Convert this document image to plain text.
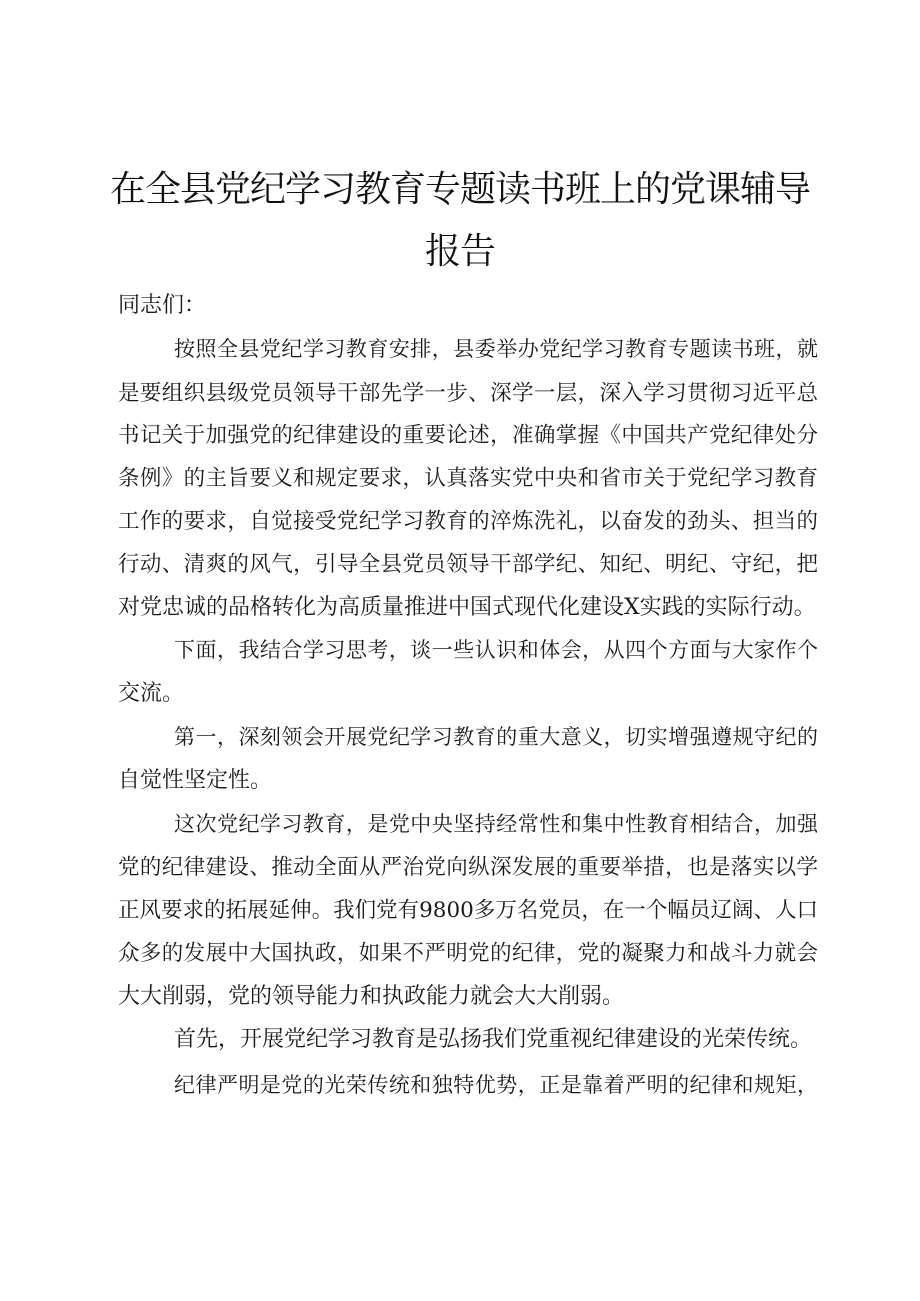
在全县党纪学习教育专题读书班上的党课辅导
报告
同志们：
按照全县党纪学习教育安排，县委举办党纪学习教育专题读书班，就
是要组织县级党员领导干部先学一步、深学一层，深入学习贯彻习近平总
书记关于加强党的纪律建设的重要论述，准确掌握《中国共产党纪律处分
条例》的主旨要义和规定要求，认真落实党中央和省市关于党纪学习教育
工作的要求，自觉接受党纪学习教育的淬炼洗礼，以奋发的劲头、担当的
行动、清爽的风气，引导全县党员领导干部学纪、知纪、明纪、守纪，把
对党忠诚的品格转化为高质量推进中国式现代化建设X实践的实际行动。
下面，我结合学习思考，谈一些认识和体会，从四个方面与大家作个
交流。
第一，深刻领会开展党纪学习教育的重大意义，切实增强遵规守纪的
自觉性坚定性。
这次党纪学习教育，是党中央坚持经常性和集中性教育相结合，加强
党的纪律建设、推动全面从严治党向纵深发展的重要举措，也是落实以学
正风要求的拓展延伸。我们党有9800多万名党员，在一个幅员辽阔、人口
众多的发展中大国执政，如果不严明党的纪律，党的凝聚力和战斗力就会
大大削弱，党的领导能力和执政能力就会大大削弱。
首先，开展党纪学习教育是弘扬我们党重视纪律建设的光荣传统。
纪律严明是党的光荣传统和独特优势，正是靠着严明的纪律和规矩，
